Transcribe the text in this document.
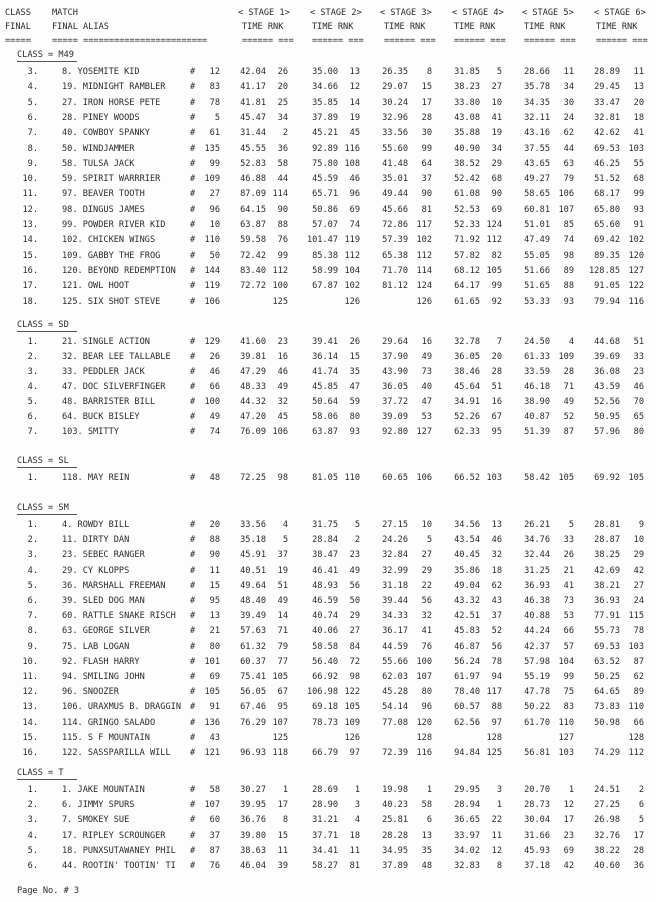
CLASS MATCH	< STAGE 1> < STAGE 2> < STAGE 3> < STAGE 4> < STAGE 5> < STAGE 6>
FINAL FINAL ALIAS	TIME RNK	TIME RNK	TIME RNK	TIME RNK	TIME RNK	TIME RNK
===== ===== ========================	====== === ====== === ====== === ====== === ====== === ====== ===
CLASS = M49
3.	8. YOSEMITE KID	# 12 42.04 26	35.00 13	26.35 8	31.85 5	28.66 11 28.89 11
4.	19. MIDNIGHT RAMBLER	# 83 41.17 20	34.66 12	29.07 15	38.23 27	35.78 34 29.45 13
5.	27. IRON HORSE PETE	# 78 41.81 25	35.85 14	30.24 17	33.80 10	34.35 30 33.47 20
6.	28. PINEY WOODS	# 5 45.47 34	37.89 19	32.96 28	43.08 41	32.11 24 32.81 18
7.	40. COWBOY SPANKY	# 61 31.44 2	45.21 45	33.56 30	35.88 19	43.16 62 42.62 41
8.	50. WINDJAMMER	# 135 45.55 36	92.89 116	55.60 99	40.90 34	37.55 44 69.53 103
9.	58. TULSA JACK	# 99 52.83 58	75.80 108	41.48 64	38.52 29	43.65 63 46.25 55
10.	59. SPIRIT WARRRIER	# 109 46.88 44	45.59 46	35.01 37	52.42 68	49.27 79 51.52 68
11.	97. BEAVER TOOTH	# 27 87.09 114	65.71 96	49.44 90	61.08 90	58.65 106 68.17 99
12.	98. DINGUS JAMES	# 96 64.15 90	50.86 69	45.66 81	52.53 69	60.81 107 65.80 93
13.	99. POWDER RIVER KID	# 10 63.87 88	57.07 74	72.86 117	52.33 124	51.01 85 65.60 91
14.	102. CHICKEN WINGS	# 110 59.58 76 101.47 119	57.39 102	71.92 112	47.49 74 69.42 102
15.	109. GABBY THE FROG	# 50 72.42 99	85.38 112	65.38 112	57.82 82	55.05 98 89.35 120
16.	120. BEYOND REDEMPTION # 144 83.40 112	58.99 104	71.70 114	68.12 105	51.66 89 128.85 127
17.	121. OWL HOOT	# 119 72.72 100	67.87 102	81.12 124	64.17 99	51.65 88 91.05 122
18.	125. SIX SHOT STEVE	# 106	125	126	126	61.65 92	53.33 93 79.94 116
CLASS = SD
1.	21. SINGLE ACTION	# 129 41.60 23	39.41 26	29.64 16	32.78 7	24.50 4 44.68 51
2.	32. BEAR LEE TALLABLE # 26 39.81 16	36.14 15	37.90 49	36.05 20	61.33 109 39.69 33
3.	33. PEDDLER JACK	# 46 47.29 46	41.74 35	43.90 73	38.46 28	33.59 28 36.08 23
4.	47. DOC SILVERFINGER	# 66 48.33 49	45.85 47	36.05 40	45.64 51	46.18 71 43.59 46
5.	48. BARRISTER BILL	# 100 44.32 32	50.64 59	37.72 47	34.91 16	38.90 49 52.56 70
6.	64. BUCK BISLEY	# 49 47.20 45	58.06 80	39.09 53	52.26 67	40.87 52 50.95 65
7.	103. SMITTY	# 74 76.09 106	63.87 93	92.80 127	62.33 95	51.39 87 57.96 80
CLASS = SL
1.	118. MAY REIN	# 48 72.25 98	81.05 110	60.65 106	66.52 103	58.42 105 69.92 105
CLASS = SM
1.	4. ROWDY BILL	# 20 33.56 4	31.75 5	27.15 10	34.56 13	26.21 5 28.81 9
2.	11. DIRTY DAN	# 88 35.18 5	28.84 2	24.26 5	43.54 46	34.76 33 28.87 10
3.	23. SEBEC RANGER	# 90 45.91 37	38.47 23	32.84 27	40.45 32	32.44 26 38.25 29
4.	29. CY KLOPPS	# 11 40.51 19	46.41 49	32.99 29	35.86 18	31.25 21 42.69 42
5.	36. MARSHALL FREEMAN	# 15 49.64 51	48.93 56	31.18 22	49.04 62	36.93 41 38.21 27
6.	39. SLED DOG MAN	# 95 48.40 49	46.59 50	39.44 56	43.32 43	46.38 73 36.93 24
7.	60. RATTLE SNAKE RISCH # 13 39.49 14	40.74 29	34.33 32	42.51 37	40.88 53 77.91 115
8.	63. GEORGE SILVER	# 21 57.63 71	40.06 27	36.17 41	45.83 52	44.24 66 55.73 78
9.	75. LAB LOGAN	# 80 61.32 79	58.58 84	44.59 76	46.87 56	42.37 57 69.53 103
10.	92. FLASH HARRY	# 101 60.37 77	56.40 72	55.66 100	56.24 78	57.98 104 63.52 87
11.	94. SMILING JOHN	# 69 75.41 105	66.92 98	62.03 107	61.97 94	55.19 99 50.25 62
12.	96. SNOOZER	# 105 56.05 67 106.98 122	45.28 80	78.40 117	47.78 75 64.65 89
13.	106. URAXMUS B. DRAGGIN # 91 67.46 95	69.18 105	54.14 96	60.57 88	50.22 83 73.83 110
14.	114. GRINGO SALADO	# 136 76.29 107	78.73 109	77.08 120	62.56 97	61.70 110 50.98 66
15.	115. S F MOUNTAIN	# 43	125	126	128	128	127	128
16.	122. SASSPARILLA WILL # 121 96.93 118	66.79 97	72.39 116	94.84 125	56.81 103 74.29 112
CLASS = T
1.	1. JAKE MOUNTAIN	# 58 30.27 1	28.69 1	19.98 1	29.95 3	20.70 1 24.51 2
2.	6. JIMMY SPURS	# 107 39.95 17	28.90 3	40.23 58	28.94 1	28.73 12 27.25 6
3.	7. SMOKEY SUE	# 60 36.76 8	31.21 4	25.81 6	36.65 22	30.04 17 26.98 5
4.	17. RIPLEY SCROUNGER	# 37 39.80 15	37.71 18	28.28 13	33.97 11	31.66 23 32.76 17
5.	18. PUNXSUTAWANEY PHIL # 87 38.63 11	34.41 11	34.95 35	34.02 12	45.93 69 38.22 28
6.	44. ROOTIN' TOOTIN' TI # 76 46.04 39	58.27 81	37.89 48	32.83 8	37.18 42 40.60 36
Page No. # 3
